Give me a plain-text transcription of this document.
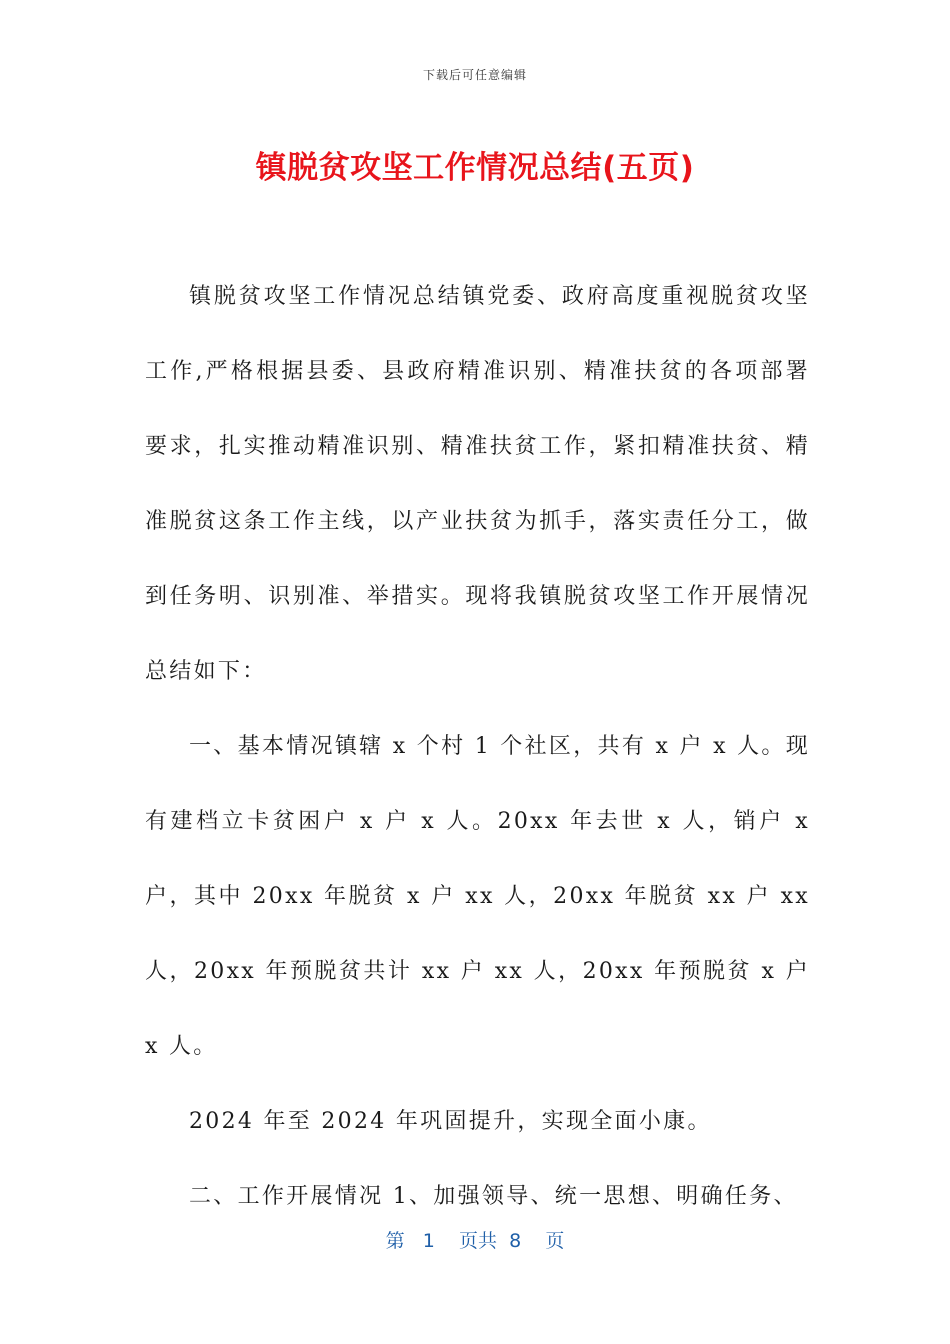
下载后可任意编辑
镇脱贫攻坚工作情况总结(五页)

镇脱贫攻坚工作情况总结镇党委、政府高度重视脱贫攻坚工作,严格根据县委、县政府精准识别、精准扶贫的各项部署要求，扎实推动精准识别、精准扶贫工作，紧扣精准扶贫、精准脱贫这条工作主线，以产业扶贫为抓手，落实责任分工，做到任务明、识别准、举措实。现将我镇脱贫攻坚工作开展情况总结如下：

一、基本情况镇辖 x 个村 1 个社区，共有 x 户 x 人。现有建档立卡贫困户 x 户 x 人。20xx 年去世 x 人，销户 x 户，其中 20xx 年脱贫 x 户 xx 人，20xx 年脱贫 xx 户 xx 人，20xx 年预脱贫共计 xx 户 xx 人，20xx 年预脱贫 x 户 x 人。

2024 年至 2024 年巩固提升，实现全面小康。

二、工作开展情况 1、加强领导、统一思想、明确任务、

第 1 页共 8 页
